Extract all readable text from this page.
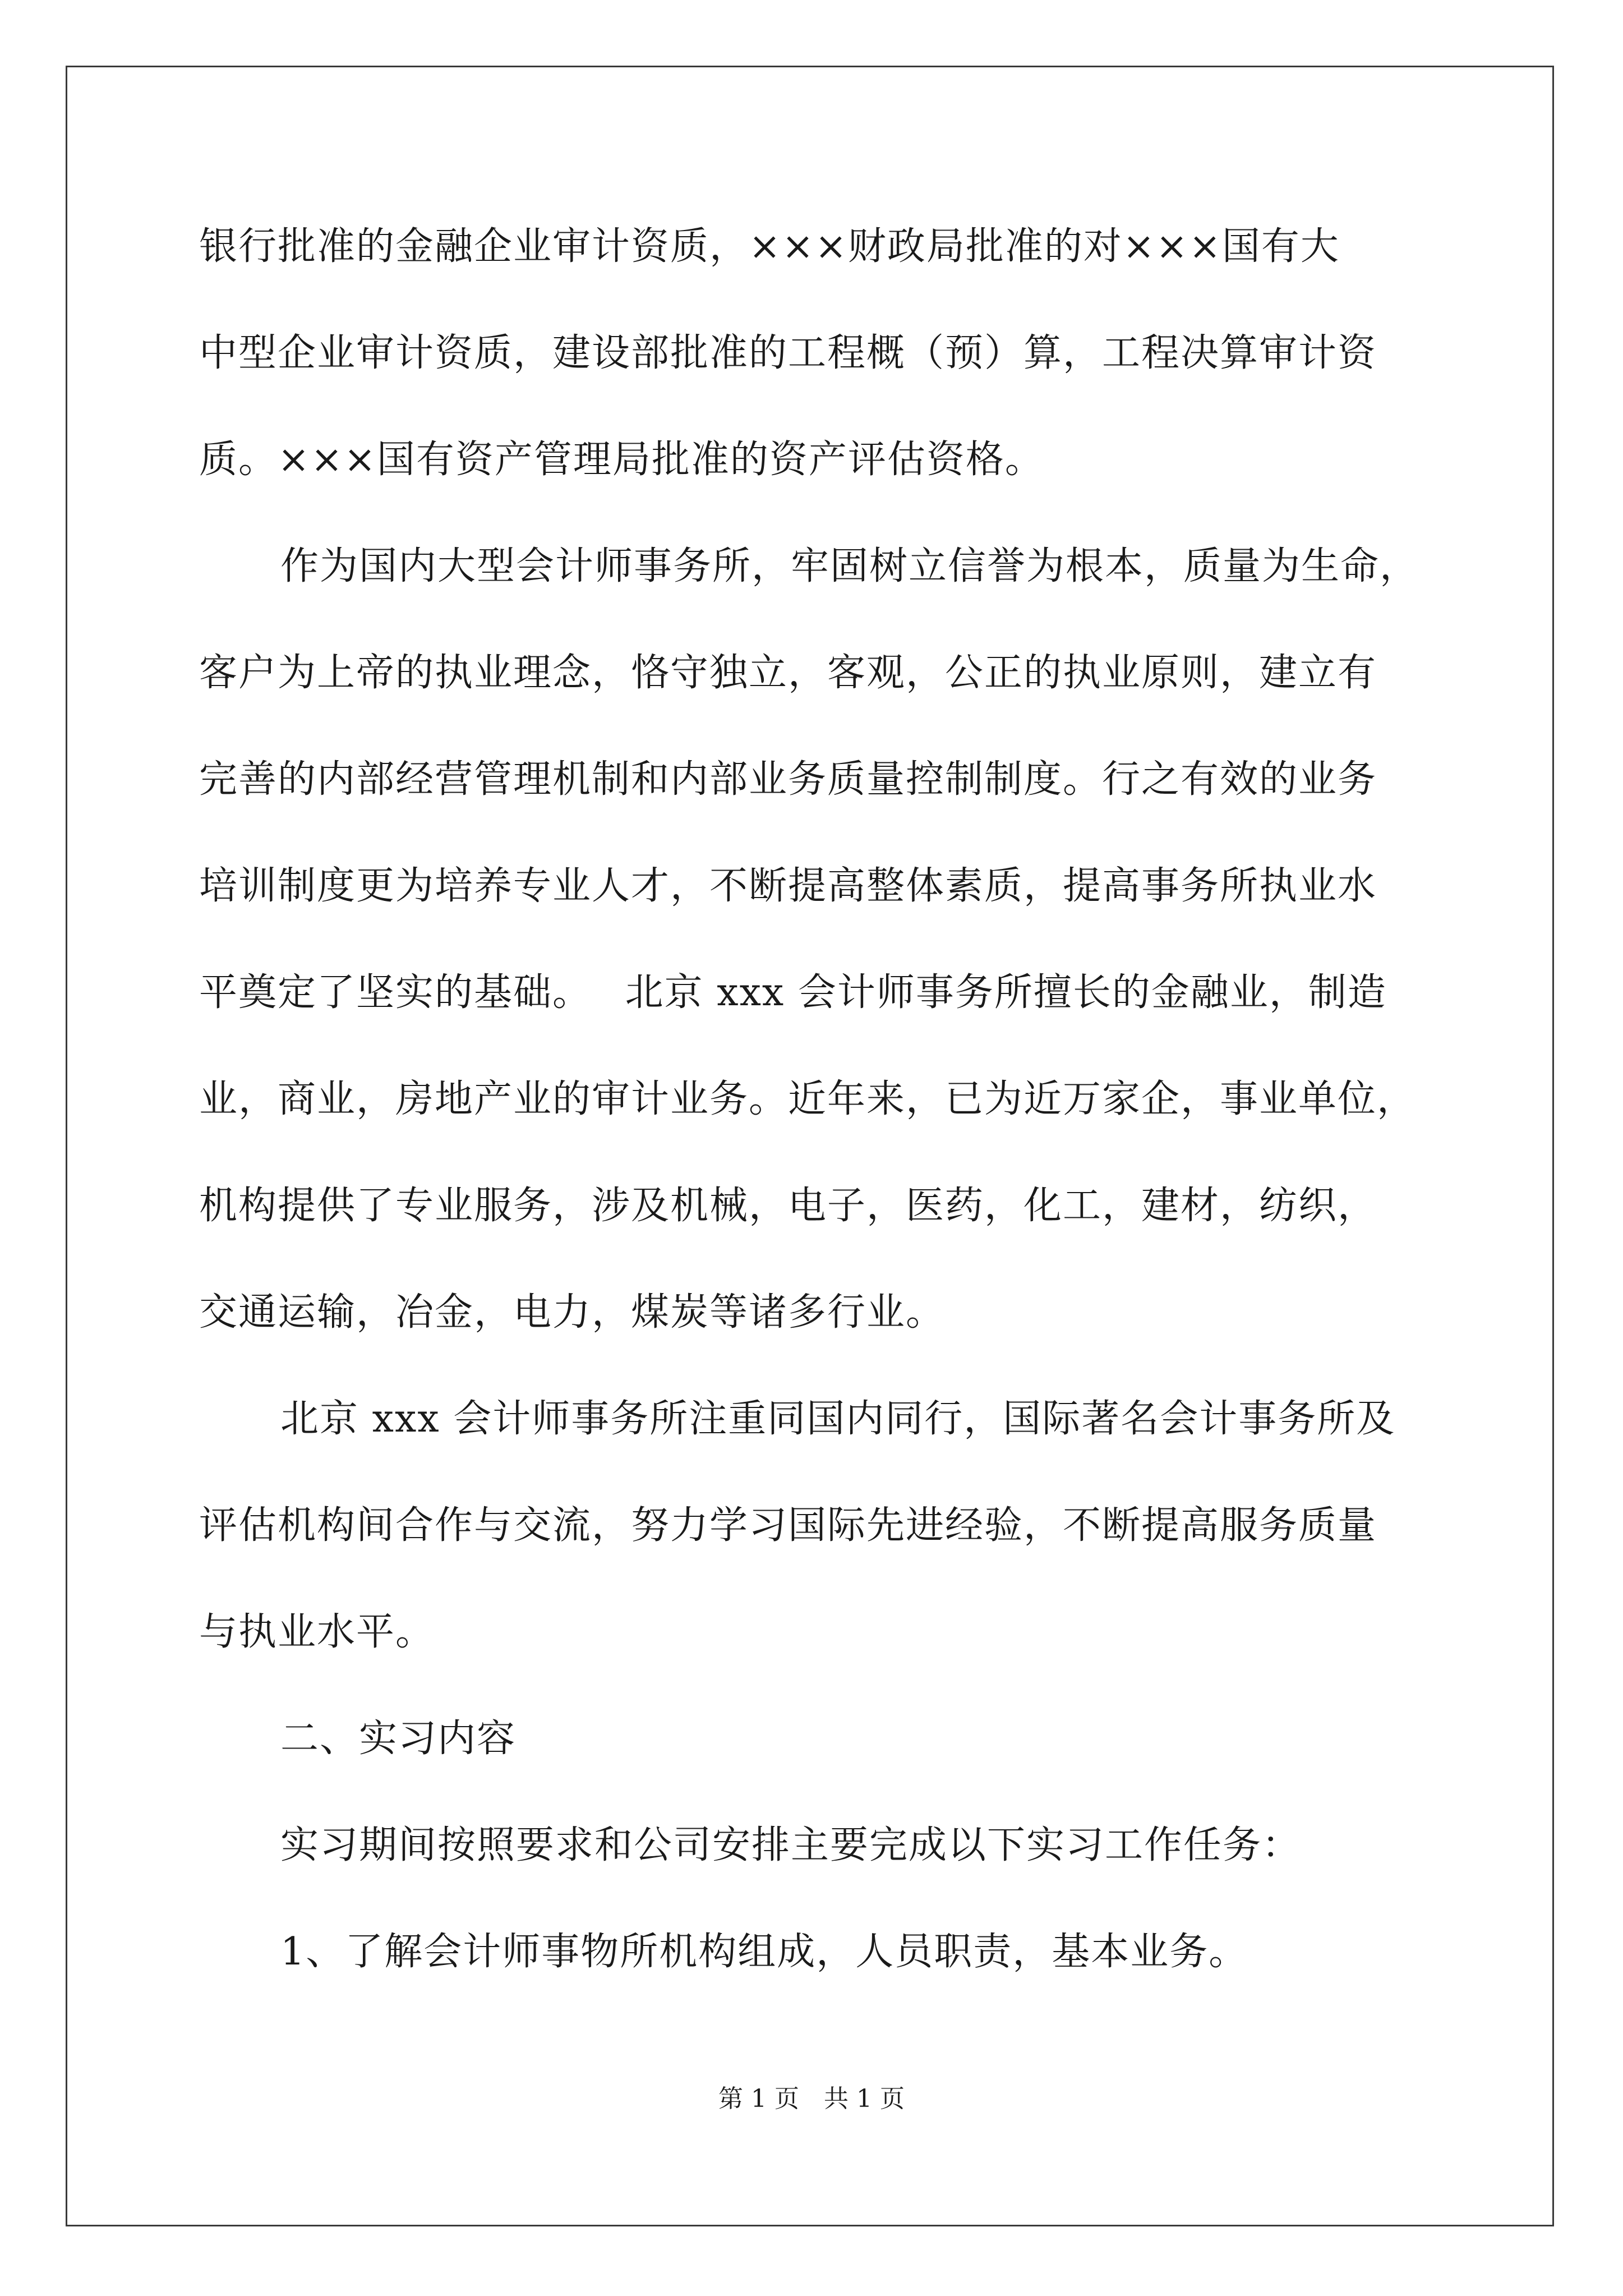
银行批准的金融企业审计资质，×××财政局批准的对×××国有大
中型企业审计资质，建设部批准的工程概（预）算，工程决算审计资
质。×××国有资产管理局批准的资产评估资格。
作为国内大型会计师事务所，牢固树立信誉为根本，质量为生命，
客户为上帝的执业理念，恪守独立，客观，公正的执业原则，建立有
完善的内部经营管理机制和内部业务质量控制制度。行之有效的业务
培训制度更为培养专业人才，不断提高整体素质，提高事务所执业水
平奠定了坚实的基础。　 北京 xxx 会计师事务所擅长的金融业，制造
业，商业，房地产业的审计业务。近年来，已为近万家企，事业单位，
机构提供了专业服务，涉及机械，电子，医药，化工，建材，纺织，
交通运输，冶金，电力，煤炭等诸多行业。
北京 xxx 会计师事务所注重同国内同行，国际著名会计事务所及
评估机构间合作与交流，努力学习国际先进经验，不断提高服务质量
与执业水平。
二、实习内容
实习期间按照要求和公司安排主要完成以下实习工作任务：
1、了解会计师事物所机构组成，人员职责，基本业务。
第 1 页　共 1 页
